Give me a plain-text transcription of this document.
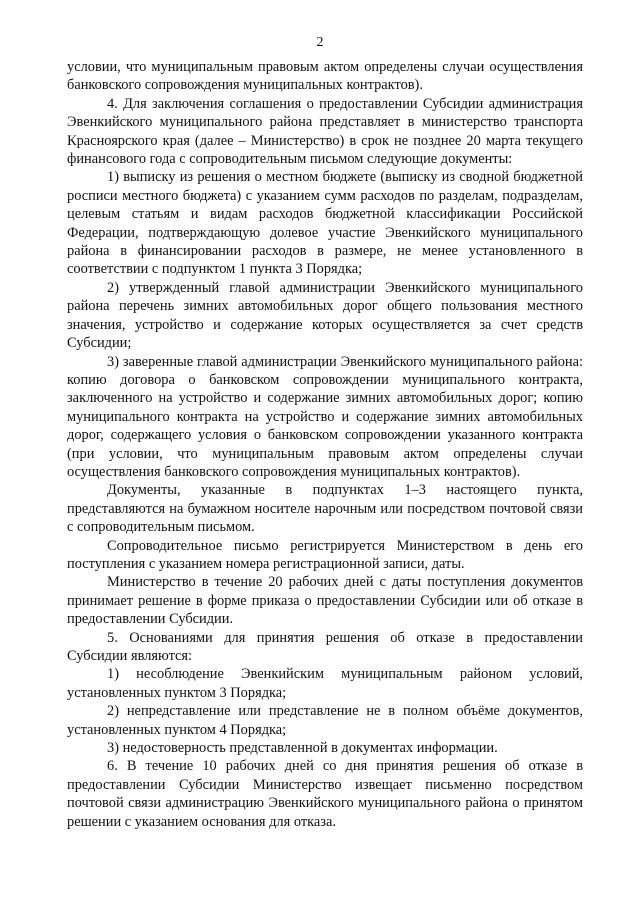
2

условии, что муниципальным правовым актом определены случаи осуществления банковского сопровождения муниципальных контрактов).

4. Для заключения соглашения о предоставлении Субсидии администрация Эвенкийского муниципального района представляет в министерство транспорта Красноярского края (далее – Министерство) в срок не позднее 20 марта текущего финансового года с сопроводительным письмом следующие документы:

1) выписку из решения о местном бюджете (выписку из сводной бюджетной росписи местного бюджета) с указанием сумм расходов по разделам, подразделам, целевым статьям и видам расходов бюджетной классификации Российской Федерации, подтверждающую долевое участие Эвенкийского муниципального района в финансировании расходов в размере, не менее установленного в соответствии с подпунктом 1 пункта 3 Порядка;

2) утвержденный главой администрации Эвенкийского муниципального района перечень зимних автомобильных дорог общего пользования местного значения, устройство и содержание которых осуществляется за счет средств Субсидии;

3) заверенные главой администрации Эвенкийского муниципального района: копию договора о банковском сопровождении муниципального контракта, заключенного на устройство и содержание зимних автомобильных дорог; копию муниципального контракта на устройство и содержание зимних автомобильных дорог, содержащего условия о банковском сопровождении указанного контракта (при условии, что муниципальным правовым актом определены случаи осуществления банковского сопровождения муниципальных контрактов).

Документы, указанные в подпунктах 1–3 настоящего пункта, представляются на бумажном носителе нарочным или посредством почтовой связи с сопроводительным письмом.

Сопроводительное письмо регистрируется Министерством в день его поступления с указанием номера регистрационной записи, даты.

Министерство в течение 20 рабочих дней с даты поступления документов принимает решение в форме приказа о предоставлении Субсидии или об отказе в предоставлении Субсидии.

5. Основаниями для принятия решения об отказе в предоставлении Субсидии являются:

1) несоблюдение Эвенкийским муниципальным районом условий, установленных пунктом 3 Порядка;

2) непредставление или представление не в полном объёме документов, установленных пунктом 4 Порядка;

3) недостоверность представленной в документах информации.

6. В течение 10 рабочих дней со дня принятия решения об отказе в предоставлении Субсидии Министерство извещает письменно посредством почтовой связи администрацию Эвенкийского муниципального района о принятом решении с указанием основания для отказа.
